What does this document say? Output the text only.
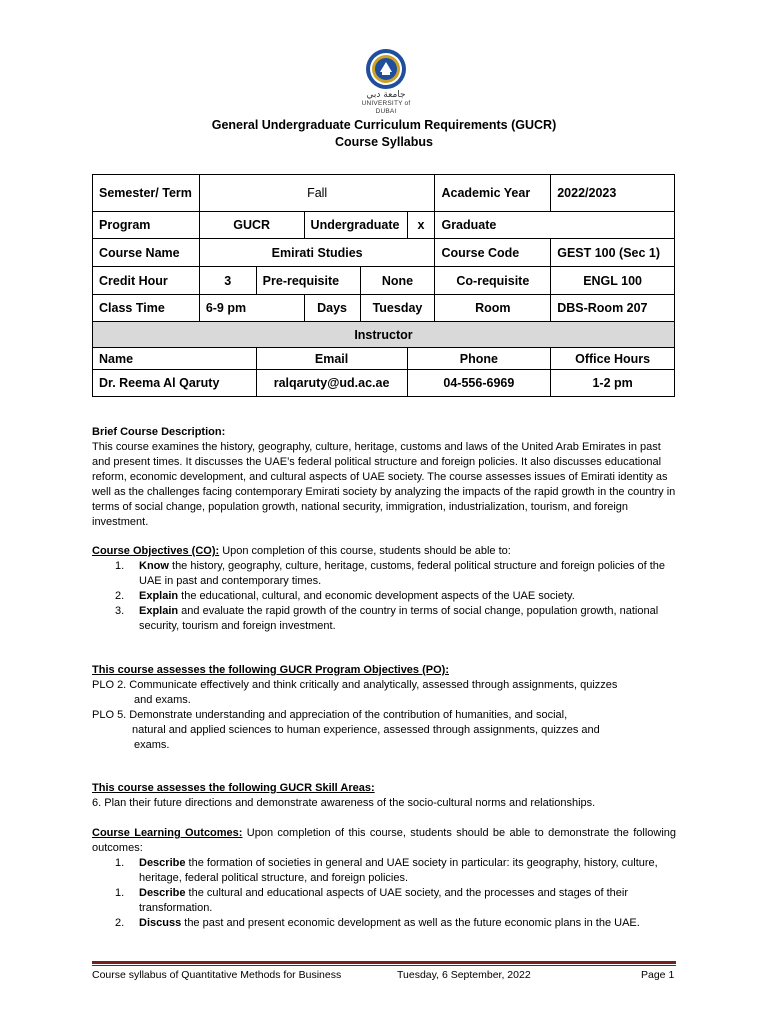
جامعة دبي
UNIVERSITY of DUBAI
General Undergraduate Curriculum Requirements (GUCR)
Course Syllabus
Semester/ Term	Fall					Academic Year	2022/2023
Program	GUCR		Undergraduate		x	Graduate	
Course Name	Emirati Studies					Course Code	GEST 100 (Sec 1)
Credit Hour	3	Pre-requisite		None		Co-requisite	ENGL 100
Class Time	6-9 pm		Days	Tuesday		Room	DBS-Room 207
Instructor							
Name		Email			Phone		Office Hours
Dr. Reema Al Qaruty		ralqaruty@ud.ac.ae			04-556-6969		1-2 pm

Brief Course Description:

This course examines the history, geography, culture, heritage, customs and laws of the United Arab Emirates in past and present times. It discusses the UAE’s federal political structure and foreign policies. It also discusses educational reform, economic development, and cultural aspects of UAE society. The course assesses issues of Emirati identity as well as the challenges facing contemporary Emirati society by analyzing the impacts of the rapid growth in the country in terms of social change, population growth, national security, immigration, industrialization, tourism, and foreign investment.

Course Objectives (CO): Upon completion of this course, students should be able to:

1. Know the history, geography, culture, heritage, customs, federal political structure and foreign policies of the UAE in past and contemporary times.
2. Explain the educational, cultural, and economic development aspects of the UAE society.
3. Explain and evaluate the rapid growth of the country in terms of social change, population growth, national security, tourism and foreign investment.

This course assesses the following GUCR Program Objectives (PO):

PLO 2. Communicate effectively and think critically and analytically, assessed through assignments, quizzes

and exams.

PLO 5. Demonstrate understanding and appreciation of the contribution of humanities, and social,

natural and applied sciences to human experience, assessed through assignments, quizzes and

exams.

This course assesses the following GUCR Skill Areas:

6. Plan their future directions and demonstrate awareness of the socio-cultural norms and relationships.

Course Learning Outcomes: Upon completion of this course, students should be able to demonstrate the following outcomes:

1. Describe the formation of societies in general and UAE society in particular: its geography, history, culture, heritage, federal political structure, and foreign policies.
1. Describe the cultural and educational aspects of UAE society, and the processes and stages of their transformation.
2. Discuss the past and present economic development as well as the future economic plans in the UAE.
Course syllabus of Quantitative Methods for Business	Tuesday, 6 September, 2022	Page 1
